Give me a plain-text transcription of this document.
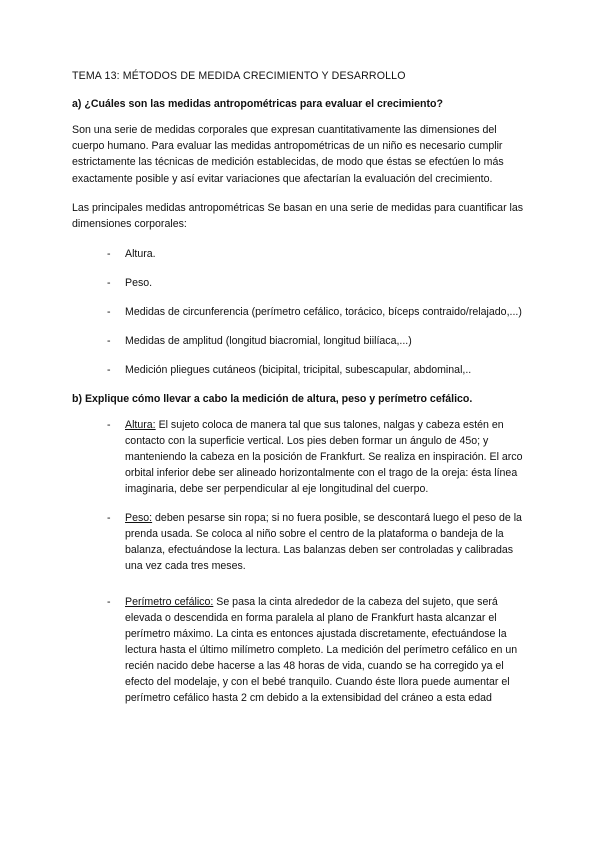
TEMA 13: MÉTODOS DE MEDIDA CRECIMIENTO Y DESARROLLO
a) ¿Cuáles son las medidas antropométricas para evaluar el crecimiento?
Son una serie de medidas corporales que expresan cuantitativamente las dimensiones del cuerpo humano. Para evaluar las medidas antropométricas de un niño es necesario cumplir estrictamente las técnicas de medición establecidas, de modo que éstas se efectúen lo más exactamente posible y así evitar variaciones que afectarían la evaluación del crecimiento.
Las principales medidas antropométricas Se basan en una serie de medidas para cuantificar las dimensiones corporales:
- Altura.
- Peso.
- Medidas de circunferencia (perímetro cefálico, torácico, bíceps contraido/relajado,...)
- Medidas de amplitud (longitud biacromial, longitud biilíaca,...)
- Medición pliegues cutáneos (bicipital, tricipital, subescapular, abdominal,..
b) Explique cómo llevar a cabo la medición de altura, peso y perímetro cefálico.
- Altura: El sujeto coloca de manera tal que sus talones, nalgas y cabeza estén en contacto con la superficie vertical. Los pies deben formar un ángulo de 45o; y manteniendo la cabeza en la posición de Frankfurt. Se realiza en inspiración. El arco orbital inferior debe ser alineado horizontalmente con el trago de la oreja: ésta línea imaginaria, debe ser perpendicular al eje longitudinal del cuerpo.
- Peso: deben pesarse sin ropa; si no fuera posible, se descontará luego el peso de la prenda usada. Se coloca al niño sobre el centro de la plataforma o bandeja de la balanza, efectuándose la lectura. Las balanzas deben ser controladas y calibradas una vez cada tres meses.
- Perímetro cefálico: Se pasa la cinta alrededor de la cabeza del sujeto, que será elevada o descendida en forma paralela al plano de Frankfurt hasta alcanzar el perímetro máximo. La cinta es entonces ajustada discretamente, efectuándose la lectura hasta el último milímetro completo. La medición del perímetro cefálico en un recién nacido debe hacerse a las 48 horas de vida, cuando se ha corregido ya el efecto del modelaje, y con el bebé tranquilo. Cuando éste llora puede aumentar el perímetro cefálico hasta 2 cm debido a la extensibidad del cráneo a esta edad
